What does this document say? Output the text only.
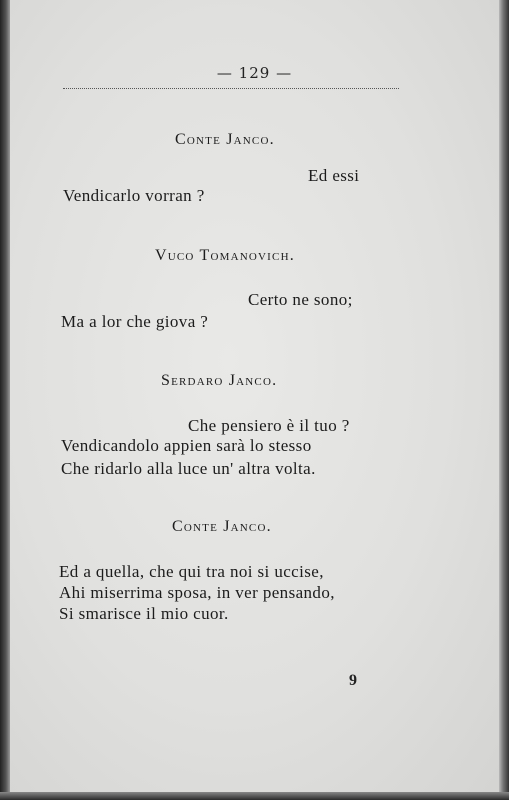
— 129 —
Conte Janco.
Ed essi
Vendicarlo vorran ?
Vuco Tomanovich.
Certo ne sono;
Ma a lor che giova ?
Serdaro Janco.
Che pensiero è il tuo ?
Vendicandolo appien sarà lo stesso
Che ridarlo alla luce un' altra volta.
Conte Janco.
Ed a quella, che qui tra noi si uccise,
Ahi miserrima sposa, in ver pensando,
Si smarisce il mio cuor.
9
